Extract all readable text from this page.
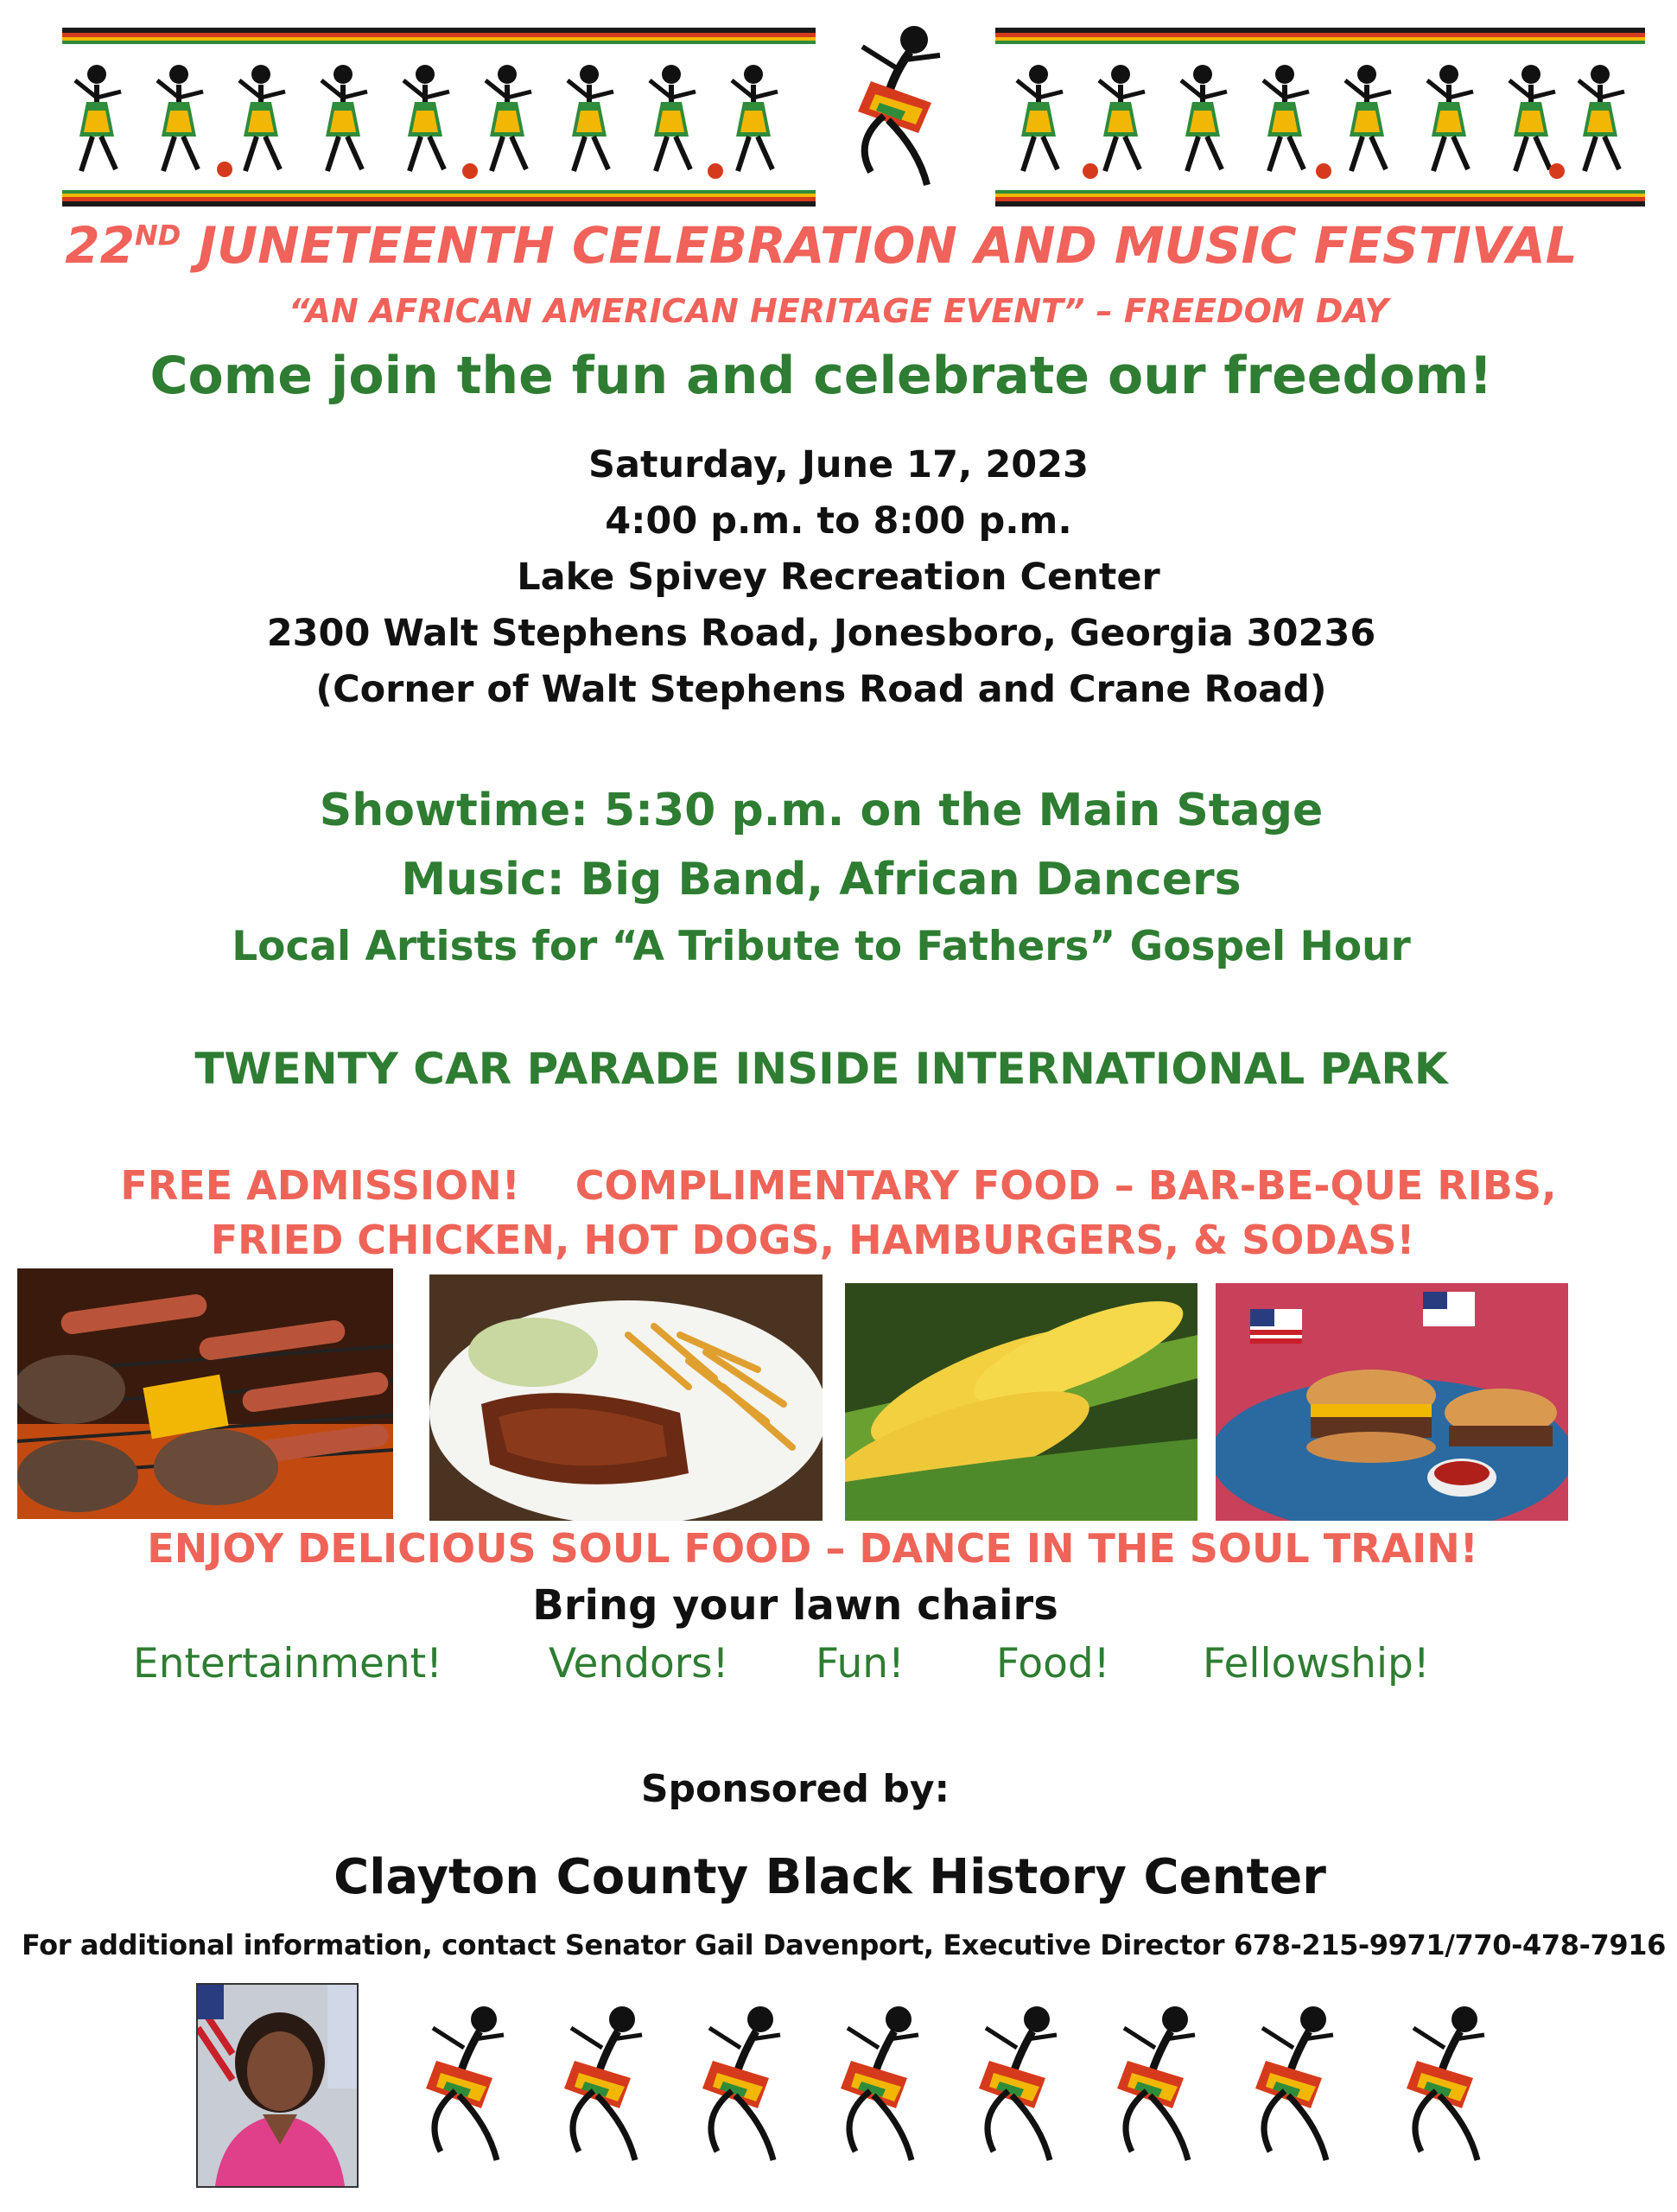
22ND JUNETEENTH CELEBRATION AND MUSIC FESTIVAL
“AN AFRICAN AMERICAN HERITAGE EVENT” – FREEDOM DAY
Come join the fun and celebrate our freedom!
Saturday, June 17, 2023
4:00 p.m. to 8:00 p.m.
Lake Spivey Recreation Center
2300 Walt Stephens Road, Jonesboro, Georgia 30236
(Corner of Walt Stephens Road and Crane Road)
Showtime: 5:30 p.m. on the Main Stage
Music: Big Band, African Dancers
Local Artists for “A Tribute to Fathers” Gospel Hour
TWENTY CAR PARADE INSIDE INTERNATIONAL PARK
FREE ADMISSION!    COMPLIMENTARY FOOD – BAR-BE-QUE RIBS,
FRIED CHICKEN, HOT DOGS, HAMBURGERS, & SODAS!
ENJOY DELICIOUS SOUL FOOD – DANCE IN THE SOUL TRAIN!
Bring your lawn chairs
Entertainment!	Vendors! Fun! Food! Fellowship!
Sponsored by:
Clayton County Black History Center
For additional information, contact Senator Gail Davenport, Executive Director 678-215-9971/770-478-7916
